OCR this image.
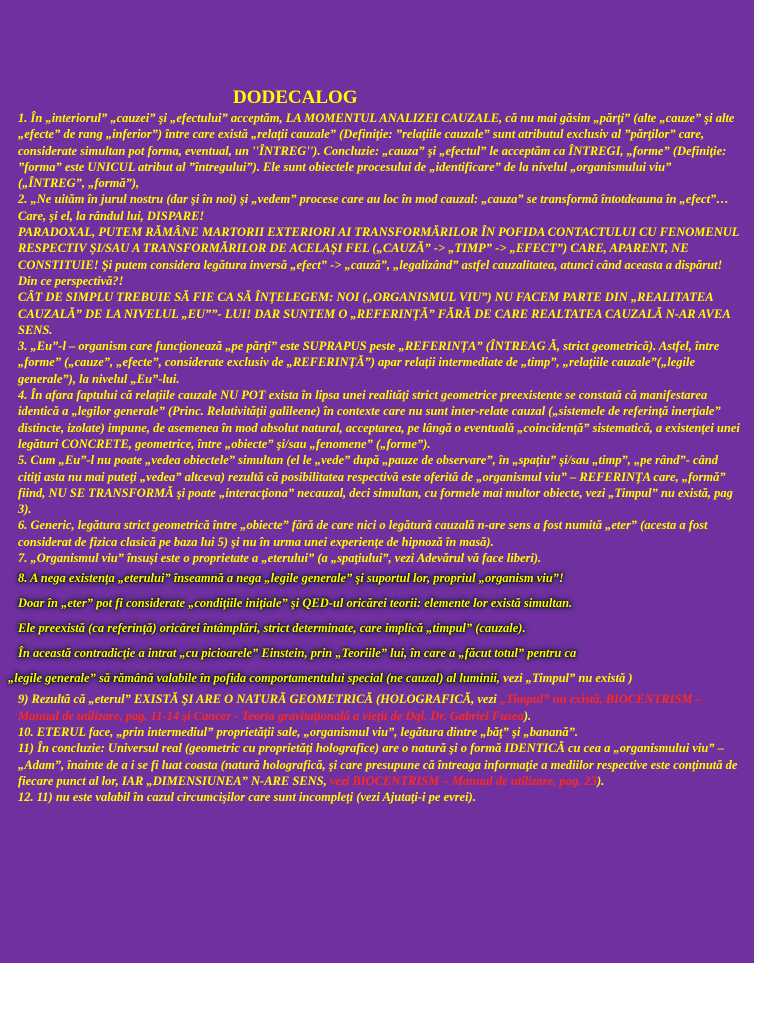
DODECALOG

1. În „interiorul” „cauzei” şi „efectului” acceptăm, LA MOMENTUL ANALIZEI CAUZALE, că nu mai găsim „părţi” (alte „cauze” şi alte „efecte” de rang „inferior”) între care există „relaţii cauzale” (Definiţie: ”relaţiile cauzale” sunt atributul exclusiv al ”părţilor” care, considerate simultan pot forma, eventual, un ''ÎNTREG''). Concluzie: „cauza” şi „efectul” le acceptăm ca ÎNTREGI, „forme” (Definiţie: ”forma” este UNICUL atribut al ”întregului”). Ele sunt obiectele procesului de „identificare” de la nivelul „organismului viu” („ÎNTREG”, „formă”),

2. „Ne uităm în jurul nostru (dar şi în noi) şi „vedem” procese care au loc în mod cauzal: „cauza” se transformă întotdeauna în „efect”… Care, şi el, la rândul lui, DISPARE!

PARADOXAL, PUTEM RĂMÂNE MARTORII EXTERIORI AI TRANSFORMĂRILOR ÎN POFIDA CONTACTULUI CU FENOMENUL RESPECTIV ŞI/SAU A TRANSFORMĂRILOR DE ACELAŞI FEL („CAUZĂ” -> „TIMP” -> „EFECT”) CARE, APARENT, NE CONSTITUIE! Şi putem considera legătura inversă „efect” -> „cauză”, „legalizând” astfel cauzalitatea, atunci când aceasta a dispărut! Din ce perspectivă?!

CÂT DE SIMPLU TREBUIE SĂ FIE CA SĂ ÎNŢELEGEM: NOI („ORGANISMUL VIU”) NU FACEM PARTE DIN „REALITATEA CAUZALĂ” DE LA NIVELUL „EU””- LUI! DAR SUNTEM O „REFERINŢĂ” FĂRĂ DE CARE REALTATEA CAUZALĂ N-AR AVEA SENS.

3. „Eu”-l – organism care funcţionează „pe părţi” este SUPRAPUS peste „REFERINŢA” (ÎNTREAG Ă, strict geometrică). Astfel, între „forme” („cauze”, „efecte”, considerate exclusiv de „REFERINŢĂ”) apar relaţii intermediate de „timp”, „relaţiile cauzale”(„legile generale”), la nivelul „Eu”-lui.

4. În afara faptului că relaţiile cauzale NU POT exista în lipsa unei realităţi strict geometrice preexistente se constată că manifestarea identică a „legilor generale” (Princ. Relativităţii galileene) în contexte care nu sunt inter-relate cauzal („sistemele de referinţă inerţiale” distincte, izolate) impune, de asemenea în mod absolut natural, acceptarea, pe lângă o eventuală „coincidenţă” sistematică, a existenţei unei legături CONCRETE, geometrice, între „obiecte” şi/sau „fenomene” („forme”).

5. Cum „Eu”-l nu poate „vedea obiectele” simultan (el le „vede” după „pauze de observare”, în „spaţiu” şi/sau „timp”, „pe rând”- când citiţi asta nu mai puteţi „vedea” altceva) rezultă că posibilitatea respectivă este oferită de „organismul viu” – REFERINŢA care, „formă” fiind, NU SE TRANSFORMĂ şi poate „interacţiona” necauzal, deci simultan, cu formele mai multor obiecte, vezi „Timpul” nu există, pag 3).

6. Generic, legătura strict geometrică între „obiecte” fără de care nici o legătură cauzală n-are sens a fost numită „eter” (acesta a fost considerat de fizica clasică pe baza lui 5) şi nu în urma unei experienţe de hipnoză în masă).

7. „Organismul viu” însuşi este o proprietate a „eterului” (a „spaţiului”, vezi Adevărul vă face liberi).

8. A nega existenţa „eterului” înseamnă a nega „legile generale” şi suportul lor, propriul „organism viu”!

Doar în „eter” pot fi considerate „condiţiile iniţiale” şi QED-ul oricărei teorii: elemente lor există simultan.

Ele preexistă (ca referinţă) oricărei întâmplări, strict determinate, care implică „timpul” (cauzale).

În această contradicţie a intrat „cu picioarele” Einstein, prin „Teoriile” lui, în care a „făcut totul” pentru ca

„legile generale” să rămână valabile în pofida comportamentului special (ne cauzal) al luminii, vezi „Timpul” nu există )

9) Rezultă că „eterul” EXISTĂ ŞI ARE O NATURĂ GEOMETRICĂ (HOLOGRAFICĂ, vezi „Timpul” nu există, BIOCENTRISM – Manual de utilizare, pag. 11-14 şi Cancer - Teoria gravitaţională a vieţii de Dql. Dr. Gabriel Fusea).

10. ETERUL face, „prin intermediul” proprietăţii sale, „organismul viu”, legătura dintre „băţ” şi „banană”.

11) În concluzie: Universul real (geometric cu proprietăţi holografice) are o natură şi o formă IDENTICĂ cu cea a „organismului viu” – „Adam”, înainte de a i se fi luat coasta (natură holografică, şi care presupune că întreaga informaţie a mediilor respective este conţinută de fiecare punct al lor, IAR „DIMENSIUNEA” N-ARE SENS, vezi BIOCENTRISM – Manual de utilizare, pag. 23).

12. 11) nu este valabil în cazul circumcişilor care sunt incompleţi (vezi Ajutaţi-i pe evrei).
